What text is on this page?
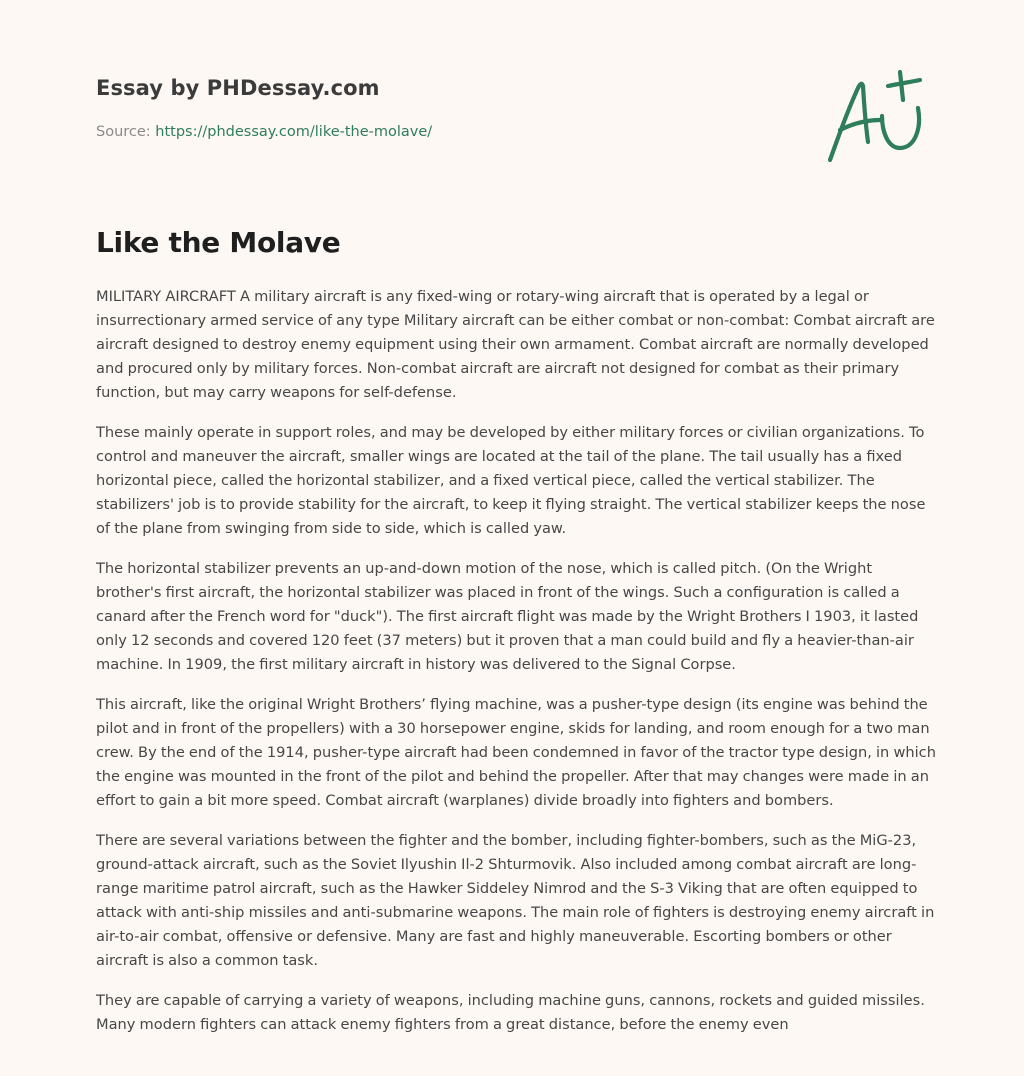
Essay by PHDessay.com
Source: https://phdessay.com/like-the-molave/
Like the Molave

MILITARY AIRCRAFT A military aircraft is any fixed-wing or rotary-wing aircraft that is operated by a legal or insurrectionary armed service of any type Military aircraft can be either combat or non-combat: Combat aircraft are aircraft designed to destroy enemy equipment using their own armament. Combat aircraft are normally developed and procured only by military forces. Non-combat aircraft are aircraft not designed for combat as their primary function, but may carry weapons for self-defense.

These mainly operate in support roles, and may be developed by either military forces or civilian organizations. To control and maneuver the aircraft, smaller wings are located at the tail of the plane. The tail usually has a fixed horizontal piece, called the horizontal stabilizer, and a fixed vertical piece, called the vertical stabilizer. The stabilizers' job is to provide stability for the aircraft, to keep it flying straight. The vertical stabilizer keeps the nose of the plane from swinging from side to side, which is called yaw.

The horizontal stabilizer prevents an up-and-down motion of the nose, which is called pitch. (On the Wright brother's first aircraft, the horizontal stabilizer was placed in front of the wings. Such a configuration is called a canard after the French word for "duck"). The first aircraft flight was made by the Wright Brothers I 1903, it lasted only 12 seconds and covered 120 feet (37 meters) but it proven that a man could build and fly a heavier-than-air machine. In 1909, the first military aircraft in history was delivered to the Signal Corpse.

This aircraft, like the original Wright Brothers’ flying machine, was a pusher-type design (its engine was behind the pilot and in front of the propellers) with a 30 horsepower engine, skids for landing, and room enough for a two man crew. By the end of the 1914, pusher-type aircraft had been condemned in favor of the tractor type design, in which the engine was mounted in the front of the pilot and behind the propeller. After that may changes were made in an effort to gain a bit more speed. Combat aircraft (warplanes) divide broadly into fighters and bombers.

There are several variations between the fighter and the bomber, including fighter-bombers, such as the MiG-23, ground-attack aircraft, such as the Soviet Ilyushin Il-2 Shturmovik. Also included among combat aircraft are long-range maritime patrol aircraft, such as the Hawker Siddeley Nimrod and the S-3 Viking that are often equipped to attack with anti-ship missiles and anti-submarine weapons. The main role of fighters is destroying enemy aircraft in air-to-air combat, offensive or defensive. Many are fast and highly maneuverable. Escorting bombers or other aircraft is also a common task.

They are capable of carrying a variety of weapons, including machine guns, cannons, rockets and guided missiles. Many modern fighters can attack enemy fighters from a great distance, before the enemy even
